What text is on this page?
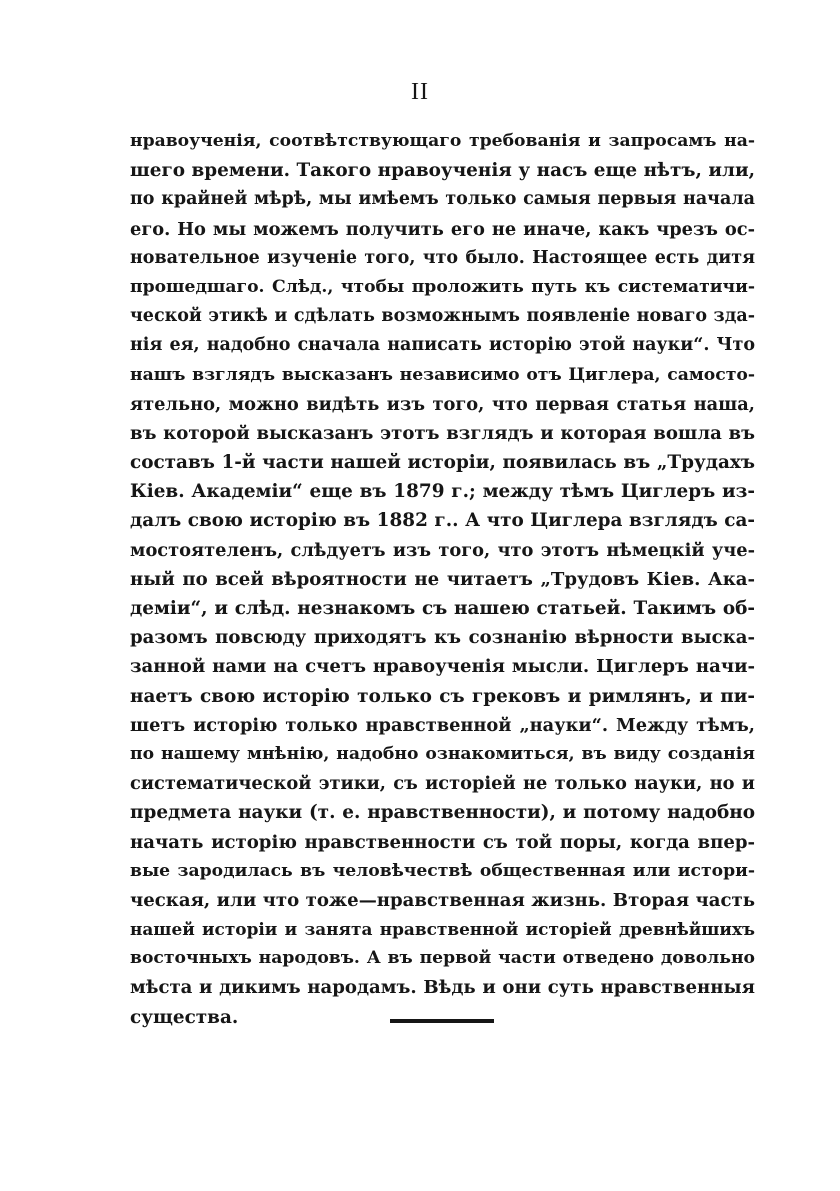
II
нравоученія, соотвѣтствующаго требованія и запросамъ на-
шего времени. Такого нравоученія у насъ еще нѣтъ, или,
по крайней мѣрѣ, мы имѣемъ только самыя первыя начала
его. Но мы можемъ получить его не иначе, какъ чрезъ ос-
новательное изученіе того, что было. Настоящее есть дитя
прошедшаго. Слѣд., чтобы проложить путь къ систематичи-
ческой этикѣ и сдѣлать возможнымъ появленіе новаго зда-
нія ея, надобно сначала написать исторію этой науки“. Что
нашъ взглядъ высказанъ независимо отъ Циглера, самосто-
ятельно, можно видѣть изъ того, что первая статья наша,
въ которой высказанъ этотъ взглядъ и которая вошла въ
составъ 1-й части нашей исторіи, появилась въ „Трудахъ
Кіев. Академіи“ еще въ 1879 г.; между тѣмъ Циглеръ из-
далъ свою исторію въ 1882 г.. А что Циглера взглядъ са-
мостоятеленъ, слѣдуетъ изъ того, что этотъ нѣмецкій уче-
ный по всей вѣроятности не читаетъ „Трудовъ Кіев. Ака-
деміи“, и слѣд. незнакомъ съ нашею статьей. Такимъ об-
разомъ повсюду приходятъ къ сознанію вѣрности выска-
занной нами на счетъ нравоученія мысли. Циглеръ начи-
наетъ свою исторію только съ грековъ и римлянъ, и пи-
шетъ исторію только нравственной „науки“. Между тѣмъ,
по нашему мнѣнію, надобно ознакомиться, въ виду созданія
систематической этики, съ исторіей не только науки, но и
предмета науки (т. е. нравственности), и потому надобно
начать исторію нравственности съ той поры, когда впер-
вые зародилась въ человѣчествѣ общественная или истори-
ческая, или что тоже—нравственная жизнь. Вторая часть
нашей исторіи и занята нравственной исторіей древнѣйшихъ
восточныхъ народовъ. А въ первой части отведено довольно
мѣста и дикимъ народамъ. Вѣдь и они суть нравственныя
существа.
